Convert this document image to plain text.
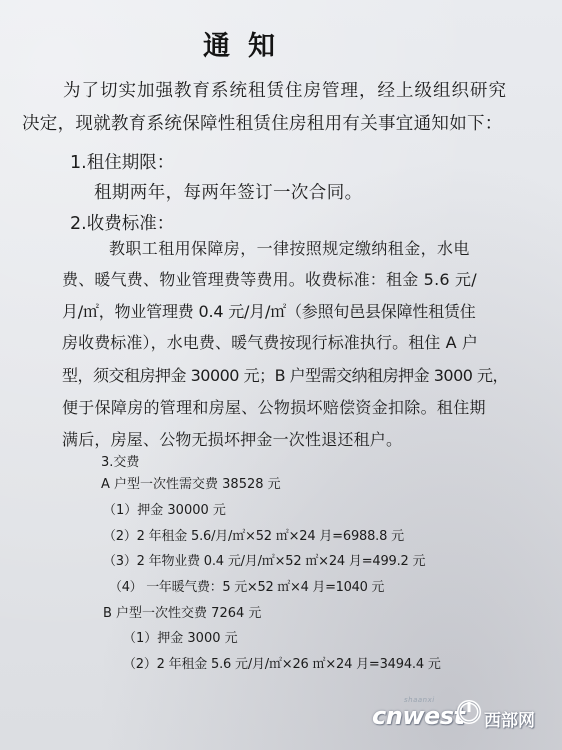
通知

为了切实加强教育系统租赁住房管理，经上级组织研究

决定，现就教育系统保障性租赁住房租用有关事宜通知如下：

1.租住期限：

租期两年，每两年签订一次合同。

2.收费标准：

教职工租用保障房，一律按照规定缴纳租金，水电

费、暖气费、物业管理费等费用。收费标准：租金 5.6 元/

月/㎡，物业管理费 0.4 元/月/㎡（参照旬邑县保障性租赁住

房收费标准），水电费、暖气费按现行标准执行。租住 A 户

型，须交租房押金 30000 元；B 户型需交纳租房押金 3000 元，

便于保障房的管理和房屋、公物损坏赔偿资金扣除。租住期

满后，房屋、公物无损坏押金一次性退还租户。

3.交费

A 户型一次性需交费 38528 元

（1）押金 30000 元

（2）2 年租金 5.6/月/㎡×52 ㎡×24 月=6988.8 元

（3）2 年物业费 0.4 元/月/㎡×52 ㎡×24 月=499.2 元

（4） 一年暖气费：5 元×52 ㎡×4 月=1040 元

B 户型一次性交费 7264 元

（1）押金 3000 元

（2）2 年租金 5.6 元/月/㎡×26 ㎡×24 月=3494.4 元

shaanxi
cnwest 西部网
